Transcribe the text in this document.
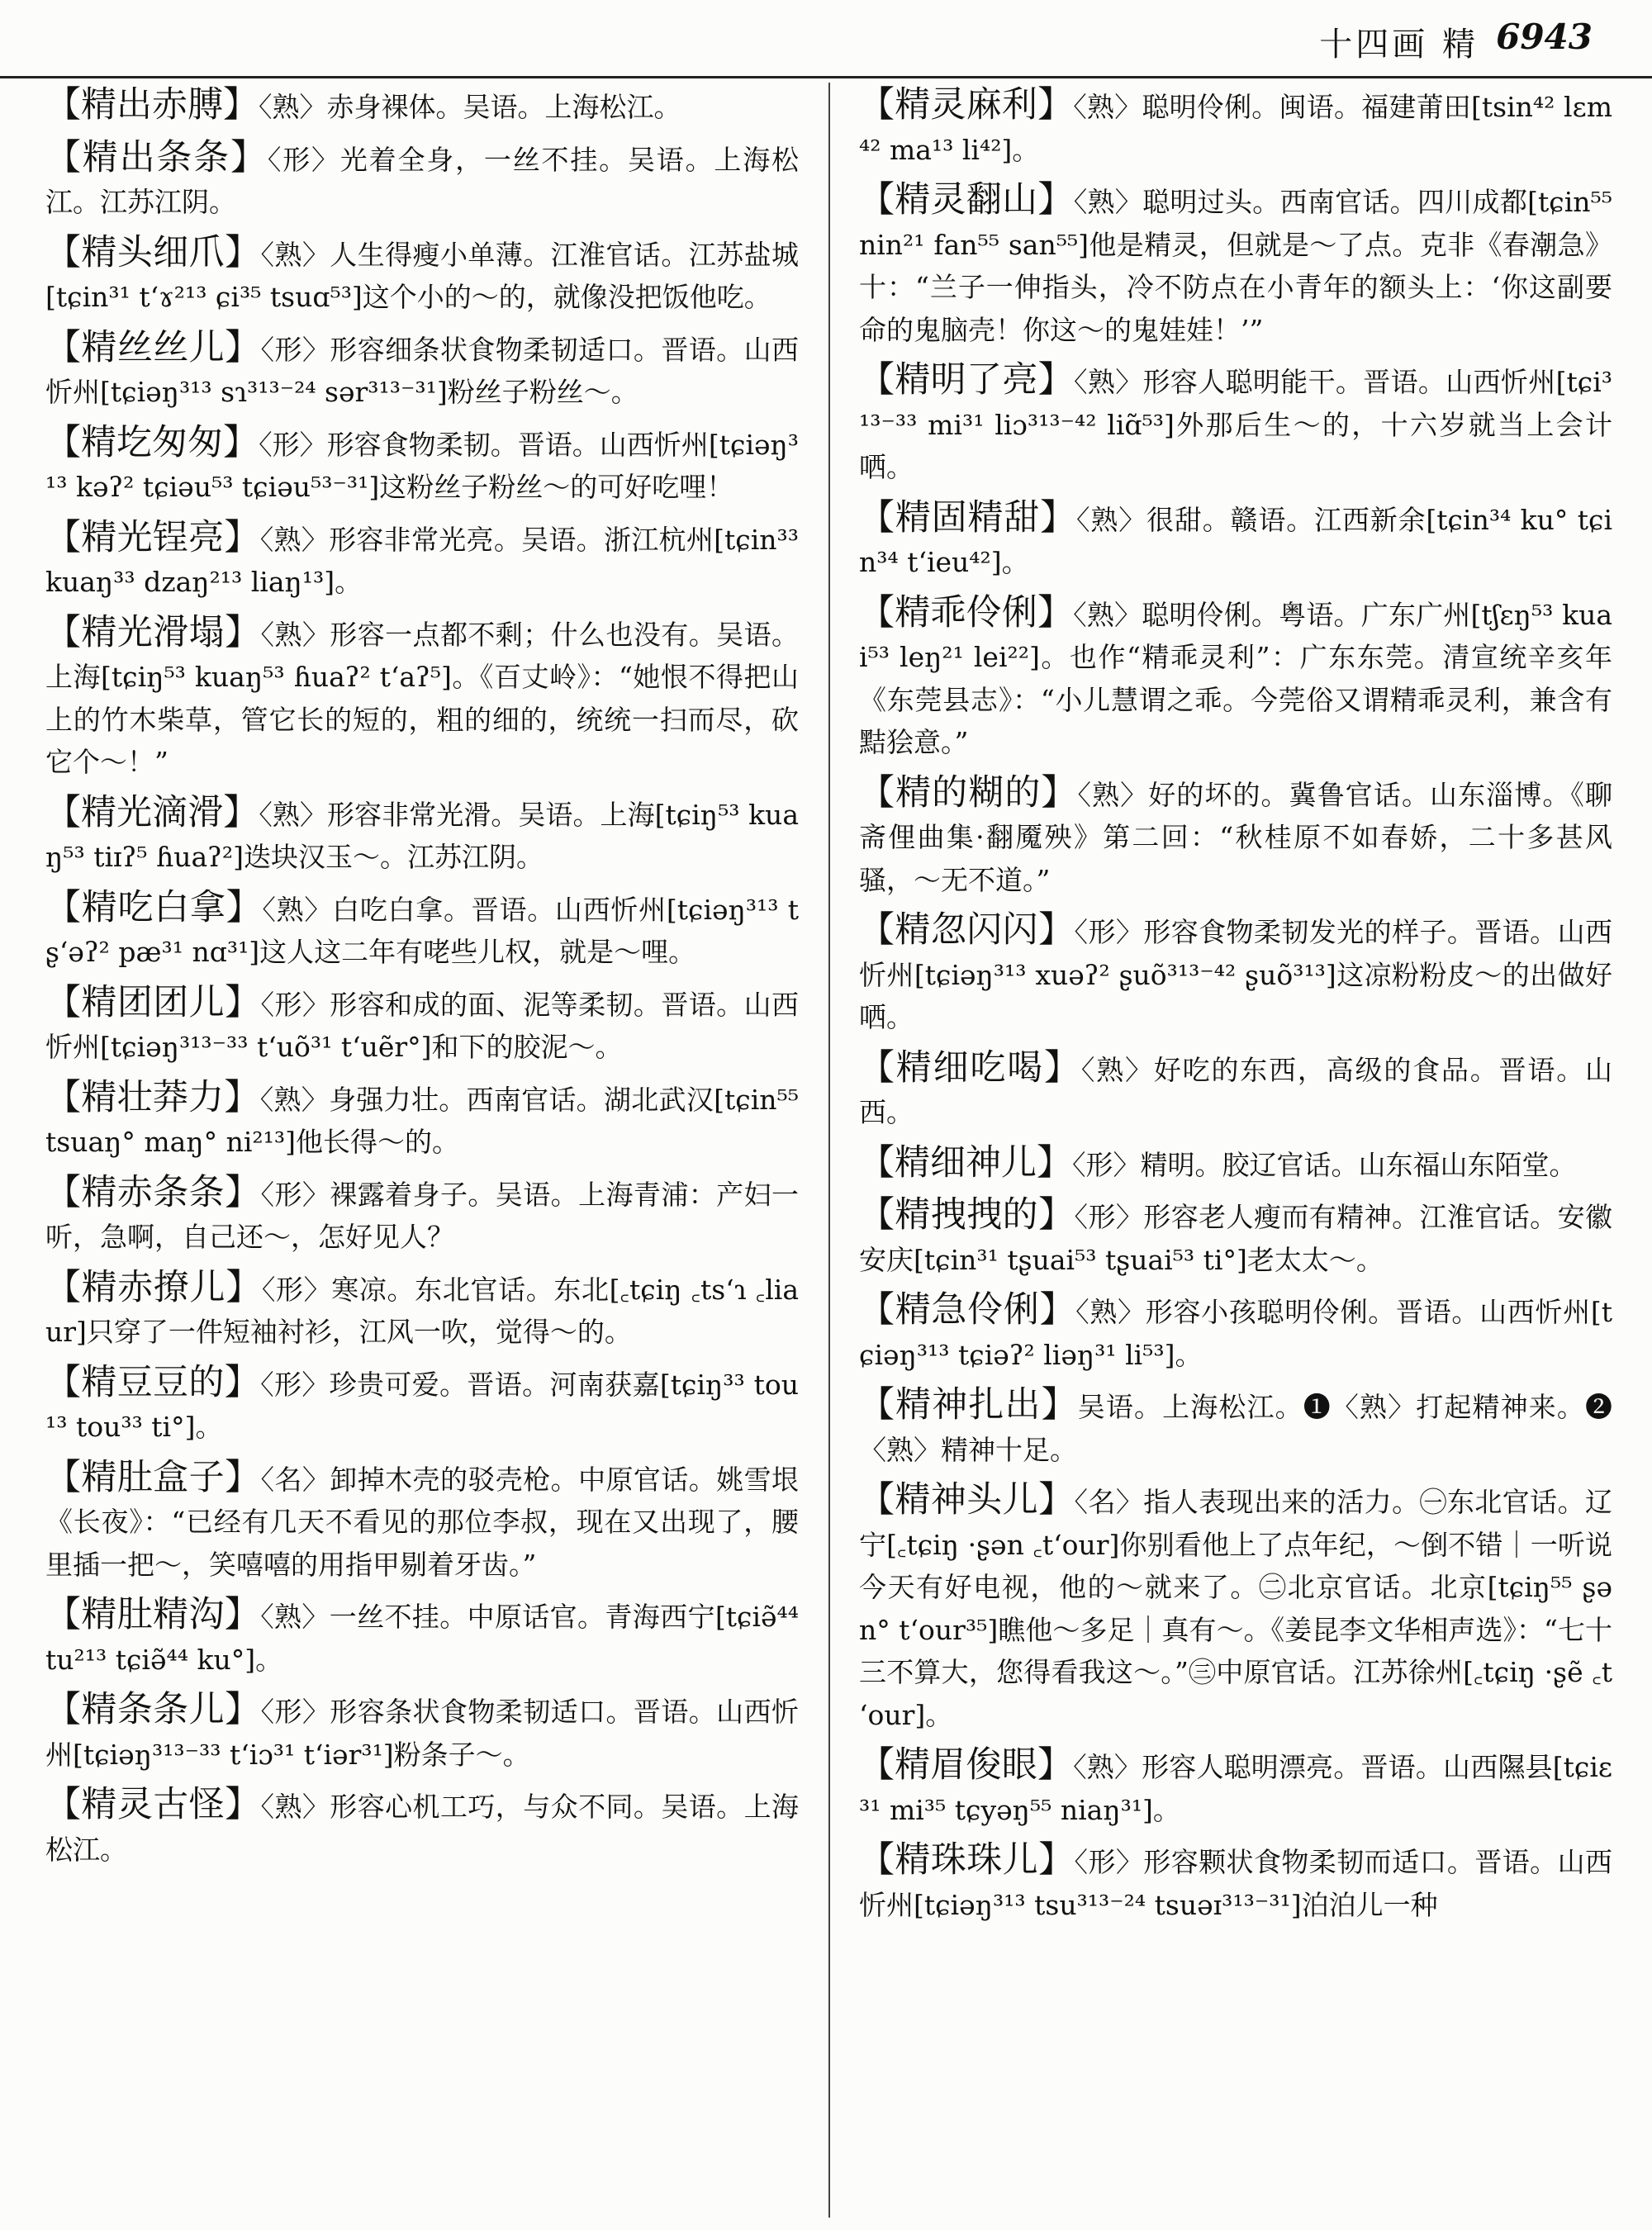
十四画 精 6943

【精出赤膊】〈熟〉赤身裸体。吴语。上海松江。

【精出条条】〈形〉光着全身，一丝不挂。吴语。上海松江。江苏江阴。

【精头细爪】〈熟〉人生得瘦小单薄。江淮官话。江苏盐城[tɕin³¹ tʻɤ²¹³ ɕi³⁵ tsuɑ⁵³]这个小的～的，就像没把饭他吃。

【精丝丝儿】〈形〉形容细条状食物柔韧适口。晋语。山西忻州[tɕiəŋ³¹³ sɿ³¹³⁻²⁴ sər³¹³⁻³¹]粉丝子粉丝～。

【精圪匆匆】〈形〉形容食物柔韧。晋语。山西忻州[tɕiəŋ³¹³ kəʔ² tɕiəu⁵³ tɕiəu⁵³⁻³¹]这粉丝子粉丝～的可好吃哩！

【精光锃亮】〈熟〉形容非常光亮。吴语。浙江杭州[tɕin³³ kuaŋ³³ dzaŋ²¹³ liaŋ¹³]。

【精光滑塌】〈熟〉形容一点都不剩；什么也没有。吴语。上海[tɕiŋ⁵³ kuaŋ⁵³ ɦuaʔ² tʻaʔ⁵]。《百丈岭》：“她恨不得把山上的竹木柴草，管它长的短的，粗的细的，统统一扫而尽，砍它个～！”

【精光滴滑】〈熟〉形容非常光滑。吴语。上海[tɕiŋ⁵³ kuaŋ⁵³ tiɪʔ⁵ ɦuaʔ²]迭块汉玉～。江苏江阴。

【精吃白拿】〈熟〉白吃白拿。晋语。山西忻州[tɕiəŋ³¹³ tʂʻəʔ² pæ³¹ nɑ³¹]这人这二年有咾些儿权，就是～哩。

【精团团儿】〈形〉形容和成的面、泥等柔韧。晋语。山西忻州[tɕiəŋ³¹³⁻³³ tʻuõ³¹ tʻuẽr°]和下的胶泥～。

【精壮莽力】〈熟〉身强力壮。西南官话。湖北武汉[tɕin⁵⁵ tsuaŋ° maŋ° ni²¹³]他长得～的。

【精赤条条】〈形〉裸露着身子。吴语。上海青浦：产妇一听，急啊，自己还～，怎好见人？

【精赤撩儿】〈形〉寒凉。东北官话。东北[꜀tɕiŋ ꜀tsʻɿ ꜀liaur]只穿了一件短袖衬衫，江风一吹，觉得～的。

【精豆豆的】〈形〉珍贵可爱。晋语。河南获嘉[tɕiŋ³³ tou¹³ tou³³ ti°]。

【精肚盒子】〈名〉卸掉木壳的驳壳枪。中原官话。姚雪垠《长夜》：“已经有几天不看见的那位李叔，现在又出现了，腰里插一把～，笑嘻嘻的用指甲剔着牙齿。”

【精肚精沟】〈熟〉一丝不挂。中原话官。青海西宁[tɕiə̃⁴⁴ tu²¹³ tɕiə̃⁴⁴ ku°]。

【精条条儿】〈形〉形容条状食物柔韧适口。晋语。山西忻州[tɕiəŋ³¹³⁻³³ tʻiɔ³¹ tʻiər³¹]粉条子～。

【精灵古怪】〈熟〉形容心机工巧，与众不同。吴语。上海松江。

【精灵麻利】〈熟〉聪明伶俐。闽语。福建莆田[tsin⁴² lɛm⁴² ma¹³ li⁴²]。

【精灵翻山】〈熟〉聪明过头。西南官话。四川成都[tɕin⁵⁵ nin²¹ fan⁵⁵ san⁵⁵]他是精灵，但就是～了点。克非《春潮急》十：“兰子一伸指头，冷不防点在小青年的额头上：‘你这副要命的鬼脑壳！你这～的鬼娃娃！’”

【精明了亮】〈熟〉形容人聪明能干。晋语。山西忻州[tɕi³¹³⁻³³ mi³¹ liɔ³¹³⁻⁴² liɑ̃⁵³]外那后生～的，十六岁就当上会计哂。

【精固精甜】〈熟〉很甜。赣语。江西新余[tɕin³⁴ ku° tɕin³⁴ tʻieu⁴²]。

【精乖伶俐】〈熟〉聪明伶俐。粤语。广东广州[tʃɛŋ⁵³ kuai⁵³ leŋ²¹ lei²²]。也作“精乖灵利”：广东东莞。清宣统辛亥年《东莞县志》：“小儿慧谓之乖。今莞俗又谓精乖灵利，兼含有黠狯意。”

【精的糊的】〈熟〉好的坏的。冀鲁官话。山东淄博。《聊斋俚曲集·翻魇殃》第二回：“秋桂原不如春娇，二十多甚风骚，～无不道。”

【精忽闪闪】〈形〉形容食物柔韧发光的样子。晋语。山西忻州[tɕiəŋ³¹³ xuəʔ² ʂuõ³¹³⁻⁴² ʂuõ³¹³]这凉粉粉皮～的出做好哂。

【精细吃喝】〈熟〉好吃的东西，高级的食品。晋语。山西。

【精细神儿】〈形〉精明。胶辽官话。山东福山东陌堂。

【精拽拽的】〈形〉形容老人瘦而有精神。江淮官话。安徽安庆[tɕin³¹ tʂuai⁵³ tʂuai⁵³ ti°]老太太～。

【精急伶俐】〈熟〉形容小孩聪明伶俐。晋语。山西忻州[tɕiəŋ³¹³ tɕiəʔ² liəŋ³¹ li⁵³]。

【精神扎出】吴语。上海松江。❶〈熟〉打起精神来。❷〈熟〉精神十足。

【精神头儿】〈名〉指人表现出来的活力。㊀东北官话。辽宁[꜀tɕiŋ ·ʂən ꜀tʻour]你别看他上了点年纪，～倒不错｜一听说今天有好电视，他的～就来了。㊁北京官话。北京[tɕiŋ⁵⁵ ʂən° tʻour³⁵]瞧他～多足｜真有～。《姜昆李文华相声选》：“七十三不算大，您得看我这～。”㊂中原官话。江苏徐州[꜀tɕiŋ ·ʂẽ ꜀tʻour]。

【精眉俊眼】〈熟〉形容人聪明漂亮。晋语。山西隰县[tɕiɛ³¹ mi³⁵ tɕyəŋ⁵⁵ niaŋ³¹]。

【精珠珠儿】〈形〉形容颗状食物柔韧而适口。晋语。山西忻州[tɕiəŋ³¹³ tsu³¹³⁻²⁴ tsuəɪ³¹³⁻³¹]泊泊儿一种
